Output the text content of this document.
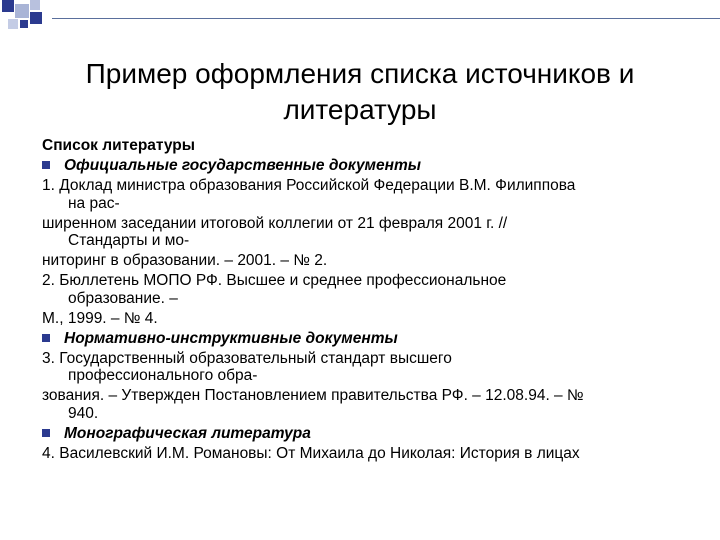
Пример оформления списка источников и
литературы

Список литературы

Официальные государственные документы

1. Доклад министра образования Российской Федерации В.М. Филиппова

на рас-

ширенном заседании итоговой коллегии от 21 февраля 2001 г. //

Стандарты и мо-

ниторинг в образовании. – 2001. – № 2.

2. Бюллетень МОПО РФ. Высшее и среднее профессиональное

образование. –

М., 1999. – № 4.

Нормативно-инструктивные документы

3. Государственный образовательный стандарт высшего

профессионального обра-

зования. – Утвержден Постановлением правительства РФ. – 12.08.94. – №

940.

Монографическая литература

4. Василевский И.М. Романовы: От Михаила до Николая: История в лицах
